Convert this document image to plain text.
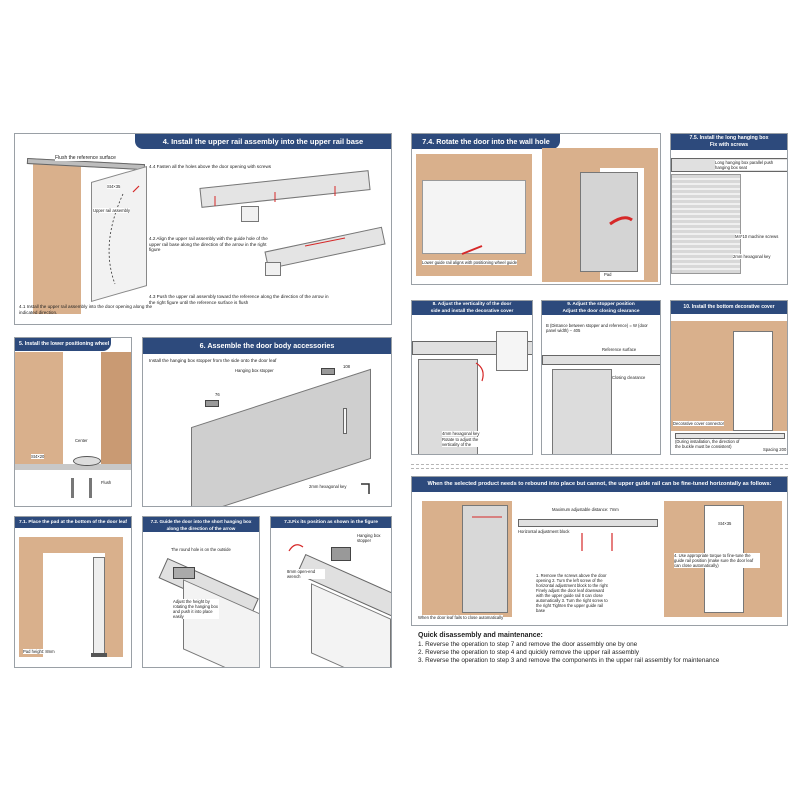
4. Install the upper rail assembly into the upper rail base
Flush the reference surface
St4×35
Upper rail assembly
4.1 Install the upper rail assembly into the door opening along the indicated direction.
4.4 Fasten all the holes above the door opening with screws
4.2 Align the upper rail assembly with the guide hole of the upper rail base along the direction of the arrow in the right figure
4.3 Push the upper rail assembly toward the reference along the direction of the arrow in the right figure until the reference surface is flush
5. Install the lower positioning wheel
Center
St4×20
Flush
6. Assemble the door body accessories
Install the hanging box stopper from the side onto the door leaf
Hanging box stopper
76
108
2mm hexagonal key
7.1. Place the pad at the bottom of the door leaf
Pad height: 8mm
7.2. Guide the door into the short hanging box along the direction of the arrow
The round hole is on the outside
Adjust the height by rotating the hanging box and push it into place easily
7.3.Fix its position as shown in the figure
Hanging box stopper
8mm open-end wrench
7.4. Rotate the door into the wall hole
Lower guide rail aligns with positioning wheel guide
Pad
7.5. Install the long hanging box
Fix with screws
Long hanging box parallel push hanging box seat
M4*10 machine screws
2mm hexagonal key
8. Adjust the verticality of the door
side and install the decorative cover
4mm hexagonal key
Rotate to adjust the verticality of the
9. Adjust the stopper position
Adjust the door closing clearance
B (Distance between stopper and reference) = W (door panel width) − 405
Reference surface
Closing clearance
10. Install the bottom decorative cover
Decorative cover connector
(During installation, the direction of the buckle must be consistent)
Spacing 200
When the selected product needs to rebound into place but cannot, the upper guide rail can be fine-tuned horizontally as follows:
When the door leaf fails to close automatically
Maximum adjustable distance: 7mm
Horizontal adjustment block
1. Remove the screws above the door opening 2. Turn the left screw of the horizontal adjustment block to the right Finely adjust the door leaf downward with the upper guide rail It can close automatically 3. Turn the right screw to the right Tighten the upper guide rail base
St4×35
4. Use appropriate torque to fine-tune the guide rail position (make sure the door leaf can close automatically)
Quick disassembly and maintenance:
1. Reverse the operation to step 7 and remove the door assembly one by one
2. Reverse the operation to step 4 and quickly remove the upper rail assembly
3. Reverse the operation to step 3 and remove the components in the upper rail assembly for maintenance
